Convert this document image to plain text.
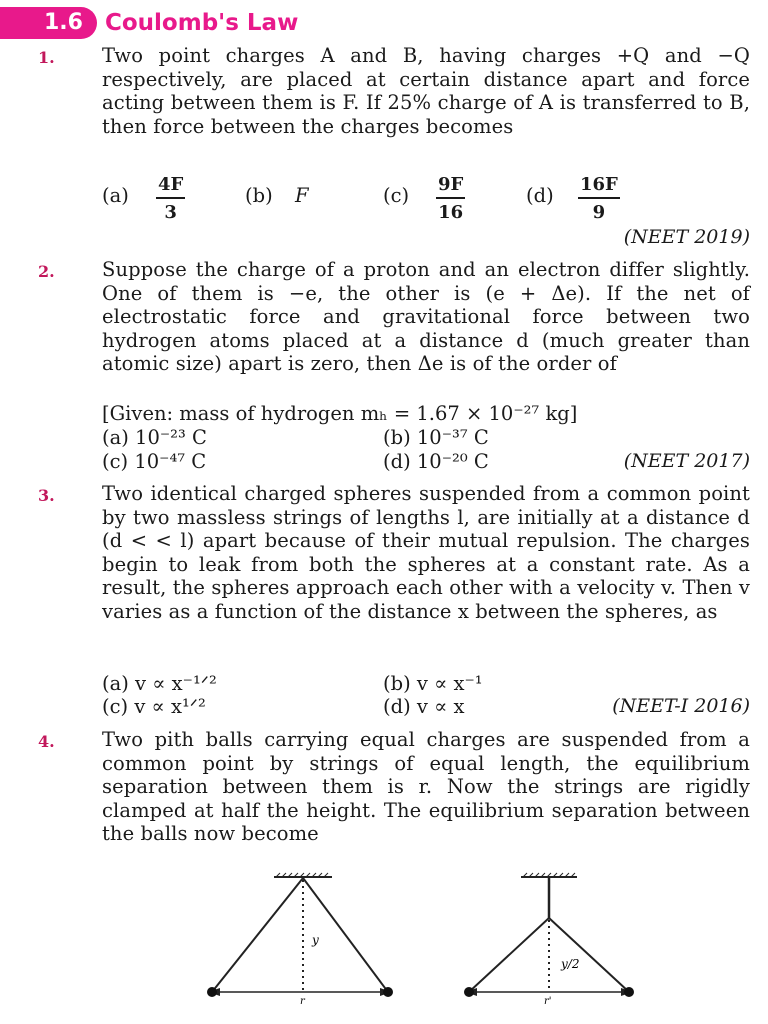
1.6 Coulomb's Law
1. Two point charges A and B, having charges +Q and −Q respectively, are placed at certain distance apart and force acting between them is F. If 25% charge of A is transferred to B, then force between the charges becomes
$(a) \frac{4F}{3}$	(b) F	$(c) \frac{9F}{16}$	$(d) \frac{16F}{9}$
(NEET 2019)
2. Suppose the charge of a proton and an electron differ slightly. One of them is −e, the other is (e + Δe). If the net of electrostatic force and gravitational force between two hydrogen atoms placed at a distance d (much greater than atomic size) apart is zero, then Δe is of the order of
[Given: mass of hydrogen mₕ = 1.67 × 10⁻²⁷ kg]
(a) 10⁻²³ C	(b) 10⁻³⁷ C
(c) 10⁻⁴⁷ C	(d) 10⁻²⁰ C	(NEET 2017)
3. Two identical charged spheres suspended from a common point by two massless strings of lengths l, are initially at a distance d (d < < l) apart because of their mutual repulsion. The charges begin to leak from both the spheres at a constant rate. As a result, the spheres approach each other with a velocity v. Then v varies as a function of the distance x between the spheres, as
(a) v ∝ x⁻¹ᐟ²	(b) v ∝ x⁻¹
(c) v ∝ x¹ᐟ²	(d) v ∝ x	(NEET-I 2016)
4. Two pith balls carrying equal charges are suspended from a common point by strings of equal length, the equilibrium separation between them is r. Now the strings are rigidly clamped at half the height. The equilibrium separation between the balls now become
y
r
y/2
r'
